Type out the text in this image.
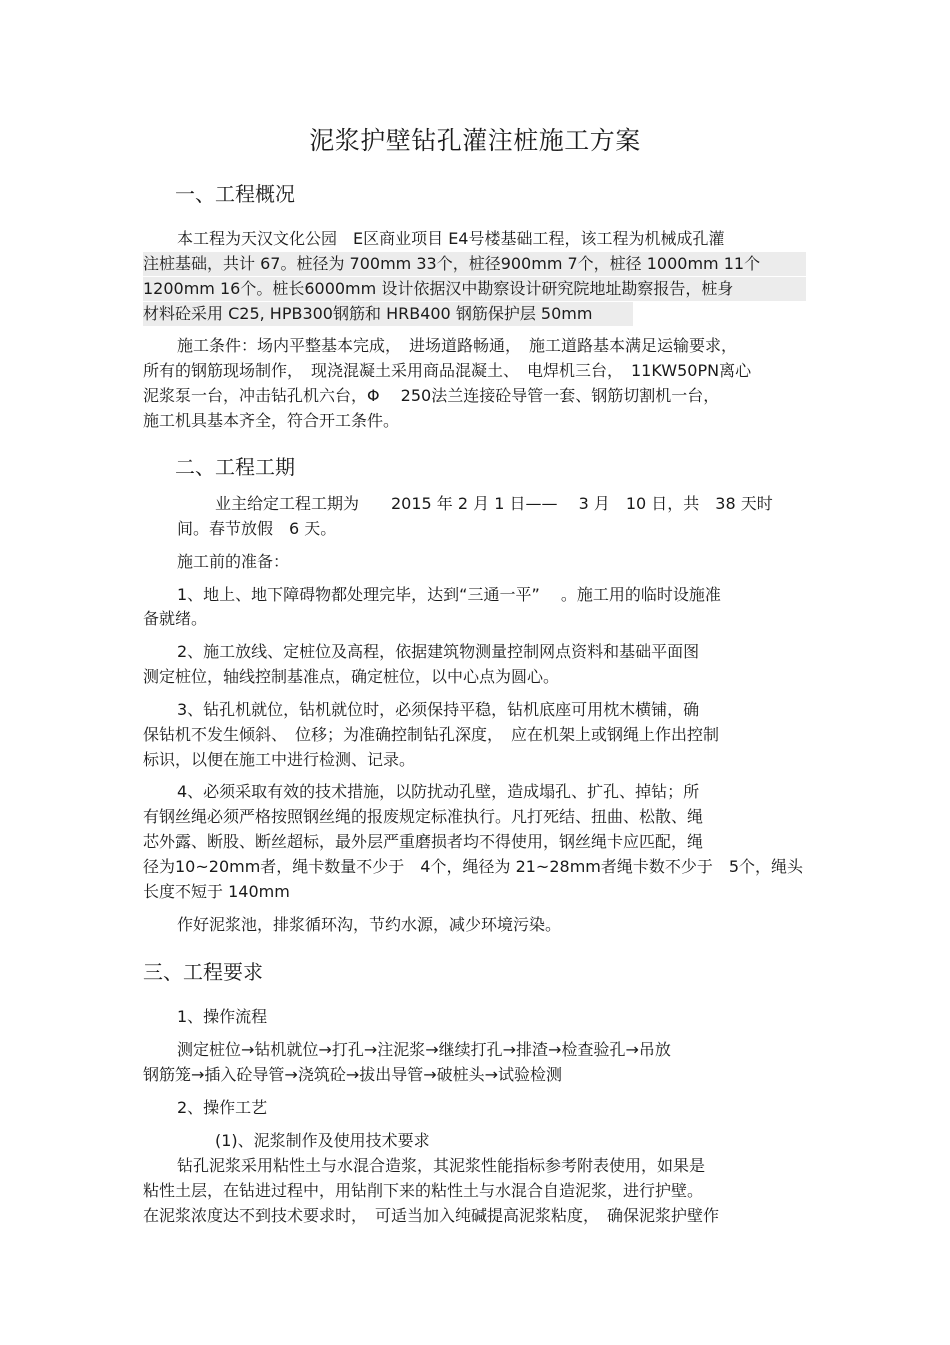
泥浆护壁钻孔灌注桩施工方案
一、工程概况
本工程为天汉文化公园　E区商业项目 E4号楼基础工程，该工程为机械成孔灌
注桩基础，共计 67。桩径为 700mm 33个，桩径900mm 7个，桩径 1000mm 11个
1200mm 16个。桩长6000mm 设计依据汉中勘察设计研究院地址勘察报告，桩身
材料砼采用 C25, HPB300钢筋和 HRB400 钢筋保护层 50mm
施工条件：场内平整基本完成，　进场道路畅通，　施工道路基本满足运输要求，
所有的钢筋现场制作，　现浇混凝土采用商品混凝土、　电焊机三台，　11KW50PN离心
泥浆泵一台，冲击钻孔机六台，Φ　 250法兰连接砼导管一套、钢筋切割机一台，
施工机具基本齐全，符合开工条件。
二、工程工期
业主给定工程工期为　　2015 年 2 月 1 日——　 3 月　10 日，共　38 天时
间。春节放假　6 天。
施工前的准备：
1、地上、地下障碍物都处理完毕，达到“三通一平”　 。施工用的临时设施准
备就绪。
2、施工放线、定桩位及高程，依据建筑物测量控制网点资料和基础平面图
测定桩位，轴线控制基准点，确定桩位，以中心点为圆心。
3、钻孔机就位，钻机就位时，必须保持平稳，钻机底座可用枕木横铺，确
保钻机不发生倾斜、　位移；为准确控制钻孔深度，　应在机架上或钢绳上作出控制
标识，以便在施工中进行检测、记录。
4、必须采取有效的技术措施，以防扰动孔壁，造成塌孔、扩孔、掉钻；所
有钢丝绳必须严格按照钢丝绳的报废规定标准执行。凡打死结、扭曲、松散、绳
芯外露、断股、断丝超标，最外层严重磨损者均不得使用，钢丝绳卡应匹配，绳
径为10~20mm者，绳卡数量不少于　4个，绳径为 21~28mm者绳卡数不少于　5个，绳头
长度不短于 140mm
作好泥浆池，排浆循环沟，节约水源，减少环境污染。
三、工程要求
1、操作流程
测定桩位→钻机就位→打孔→注泥浆→继续打孔→排渣→检查验孔→吊放
钢筋笼→插入砼导管→浇筑砼→拔出导管→破桩头→试验检测
2、操作工艺
(1)、泥浆制作及使用技术要求
钻孔泥浆采用粘性土与水混合造浆，其泥浆性能指标参考附表使用，如果是
粘性土层，在钻进过程中，用钻削下来的粘性土与水混合自造泥浆，进行护壁。
在泥浆浓度达不到技术要求时，　可适当加入纯碱提高泥浆粘度，　确保泥浆护壁作
